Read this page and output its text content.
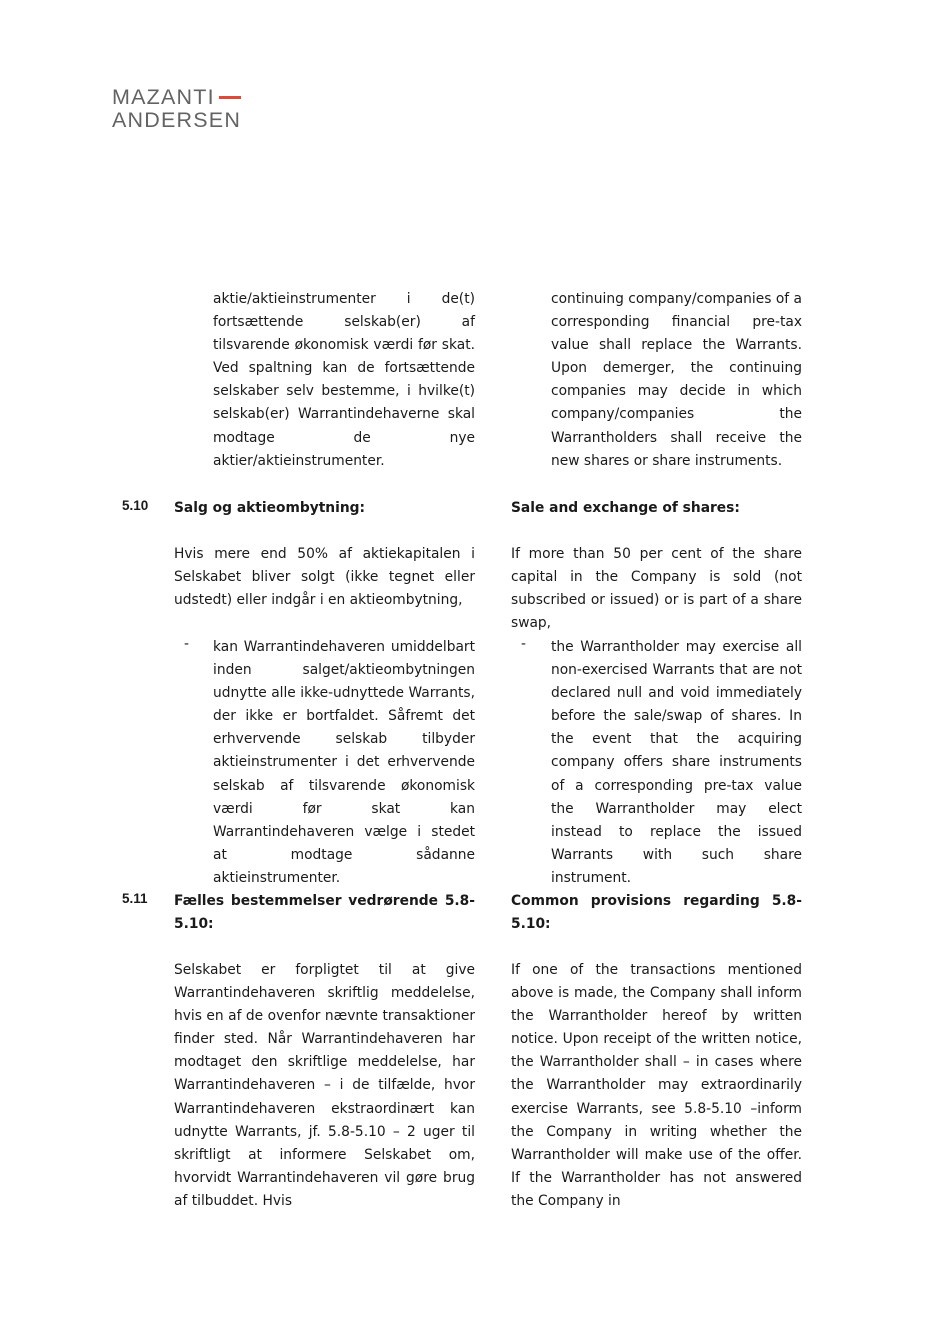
MAZANTI
ANDERSEN
aktie/aktieinstrumenter i de(t) fortsættende selskab(er) af tilsvarende økonomisk værdi før skat. Ved spaltning kan de fortsættende selskaber selv bestemme, i hvilke(t) selskab(er) Warrantindehaverne skal modtage de nye aktier/aktieinstrumenter.
continuing company/companies of a corresponding financial pre-tax value shall replace the Warrants. Upon demerger, the continuing companies may decide in which company/companies the Warrantholders shall receive the new shares or share instruments.
5.10 Salg og aktieombytning:	Sale and exchange of shares:
Hvis mere end 50% af aktiekapitalen i Selskabet bliver solgt (ikke tegnet eller udstedt) eller indgår i en aktieombytning,
If more than 50 per cent of the share capital in the Company is sold (not subscribed or issued) or is part of a share swap,
- kan Warrantindehaveren umiddelbart inden salget/aktieombytningen udnytte alle ikke-udnyttede Warrants, der ikke er bortfaldet. Såfremt det erhvervende selskab tilbyder aktieinstrumenter i det erhvervende selskab af tilsvarende økonomisk værdi før skat kan Warrantindehaveren vælge i stedet at modtage sådanne aktieinstrumenter.
- the Warrantholder may exercise all non-exercised Warrants that are not declared null and void immediately before the sale/swap of shares. In the event that the acquiring company offers share instruments of a corresponding pre-tax value the Warrantholder may elect instead to replace the issued Warrants with such share instrument.
5.11 Fælles bestemmelser vedrørende 5.8-5.10:
Common provisions regarding 5.8-5.10:
Selskabet er forpligtet til at give Warrantindehaveren skriftlig meddelelse, hvis en af de ovenfor nævnte transaktioner finder sted. Når Warrantindehaveren har modtaget den skriftlige meddelelse, har Warrantindehaveren – i de tilfælde, hvor Warrantindehaveren ekstraordinært kan udnytte Warrants, jf. 5.8-5.10 – 2 uger til skriftligt at informere Selskabet om, hvorvidt Warrantindehaveren vil gøre brug af tilbuddet. Hvis
If one of the transactions mentioned above is made, the Company shall inform the Warrantholder hereof by written notice. Upon receipt of the written notice, the Warrantholder shall – in cases where the Warrantholder may extraordinarily exercise Warrants, see 5.8-5.10 –inform the Company in writing whether the Warrantholder will make use of the offer. If the Warrantholder has not answered the Company in
